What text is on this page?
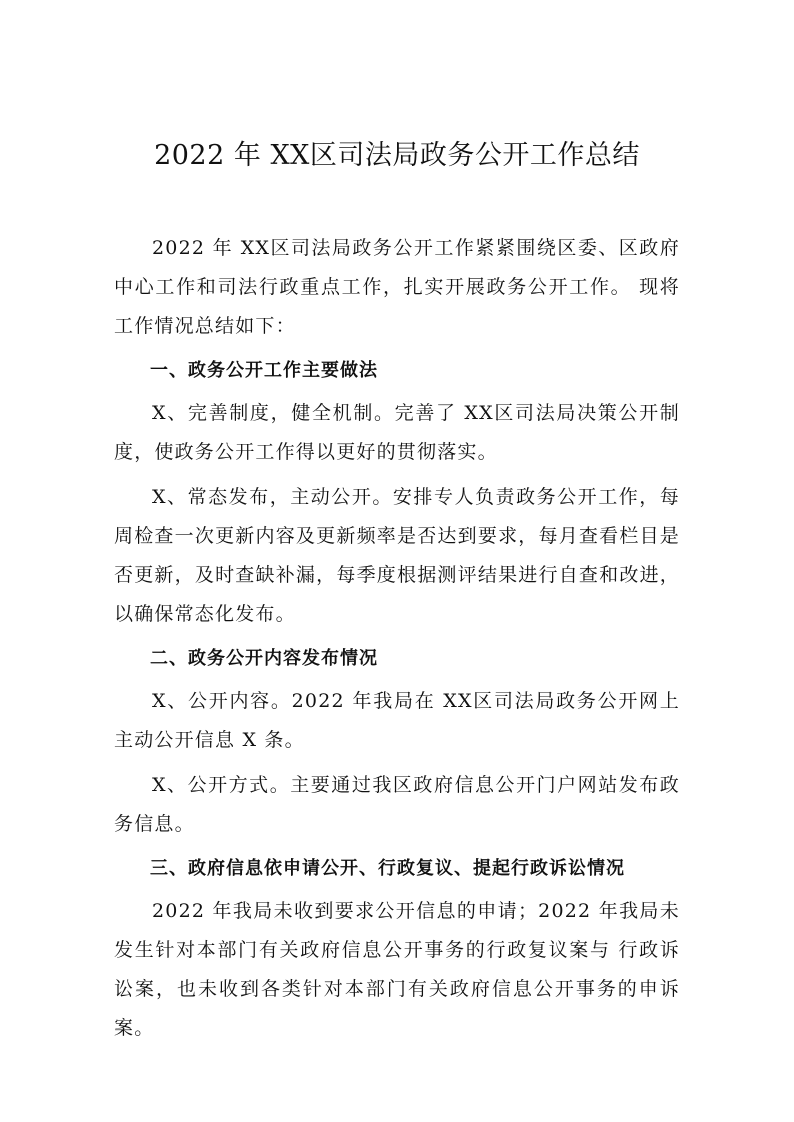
2022 年 XX区司法局政务公开工作总结

2022 年 XX区司法局政务公开工作紧紧围绕区委、区政府中心工作和司法行政重点工作，扎实开展政务公开工作。 现将工作情况总结如下：

一、政务公开工作主要做法

X、完善制度，健全机制。完善了 XX区司法局决策公开制度，使政务公开工作得以更好的贯彻落实。

X、常态发布，主动公开。安排专人负责政务公开工作，每周检查一次更新内容及更新频率是否达到要求，每月查看栏目是否更新，及时查缺补漏，每季度根据测评结果进行自查和改进，以确保常态化发布。

二、政务公开内容发布情况

X、公开内容。2022 年我局在 XX区司法局政务公开网上主动公开信息 X 条。

X、公开方式。主要通过我区政府信息公开门户网站发布政务信息。

三、政府信息依申请公开、行政复议、提起行政诉讼情况

2022 年我局未收到要求公开信息的申请；2022 年我局未发生针对本部门有关政府信息公开事务的行政复议案与 行政诉讼案，也未收到各类针对本部门有关政府信息公开事务的申诉案。
